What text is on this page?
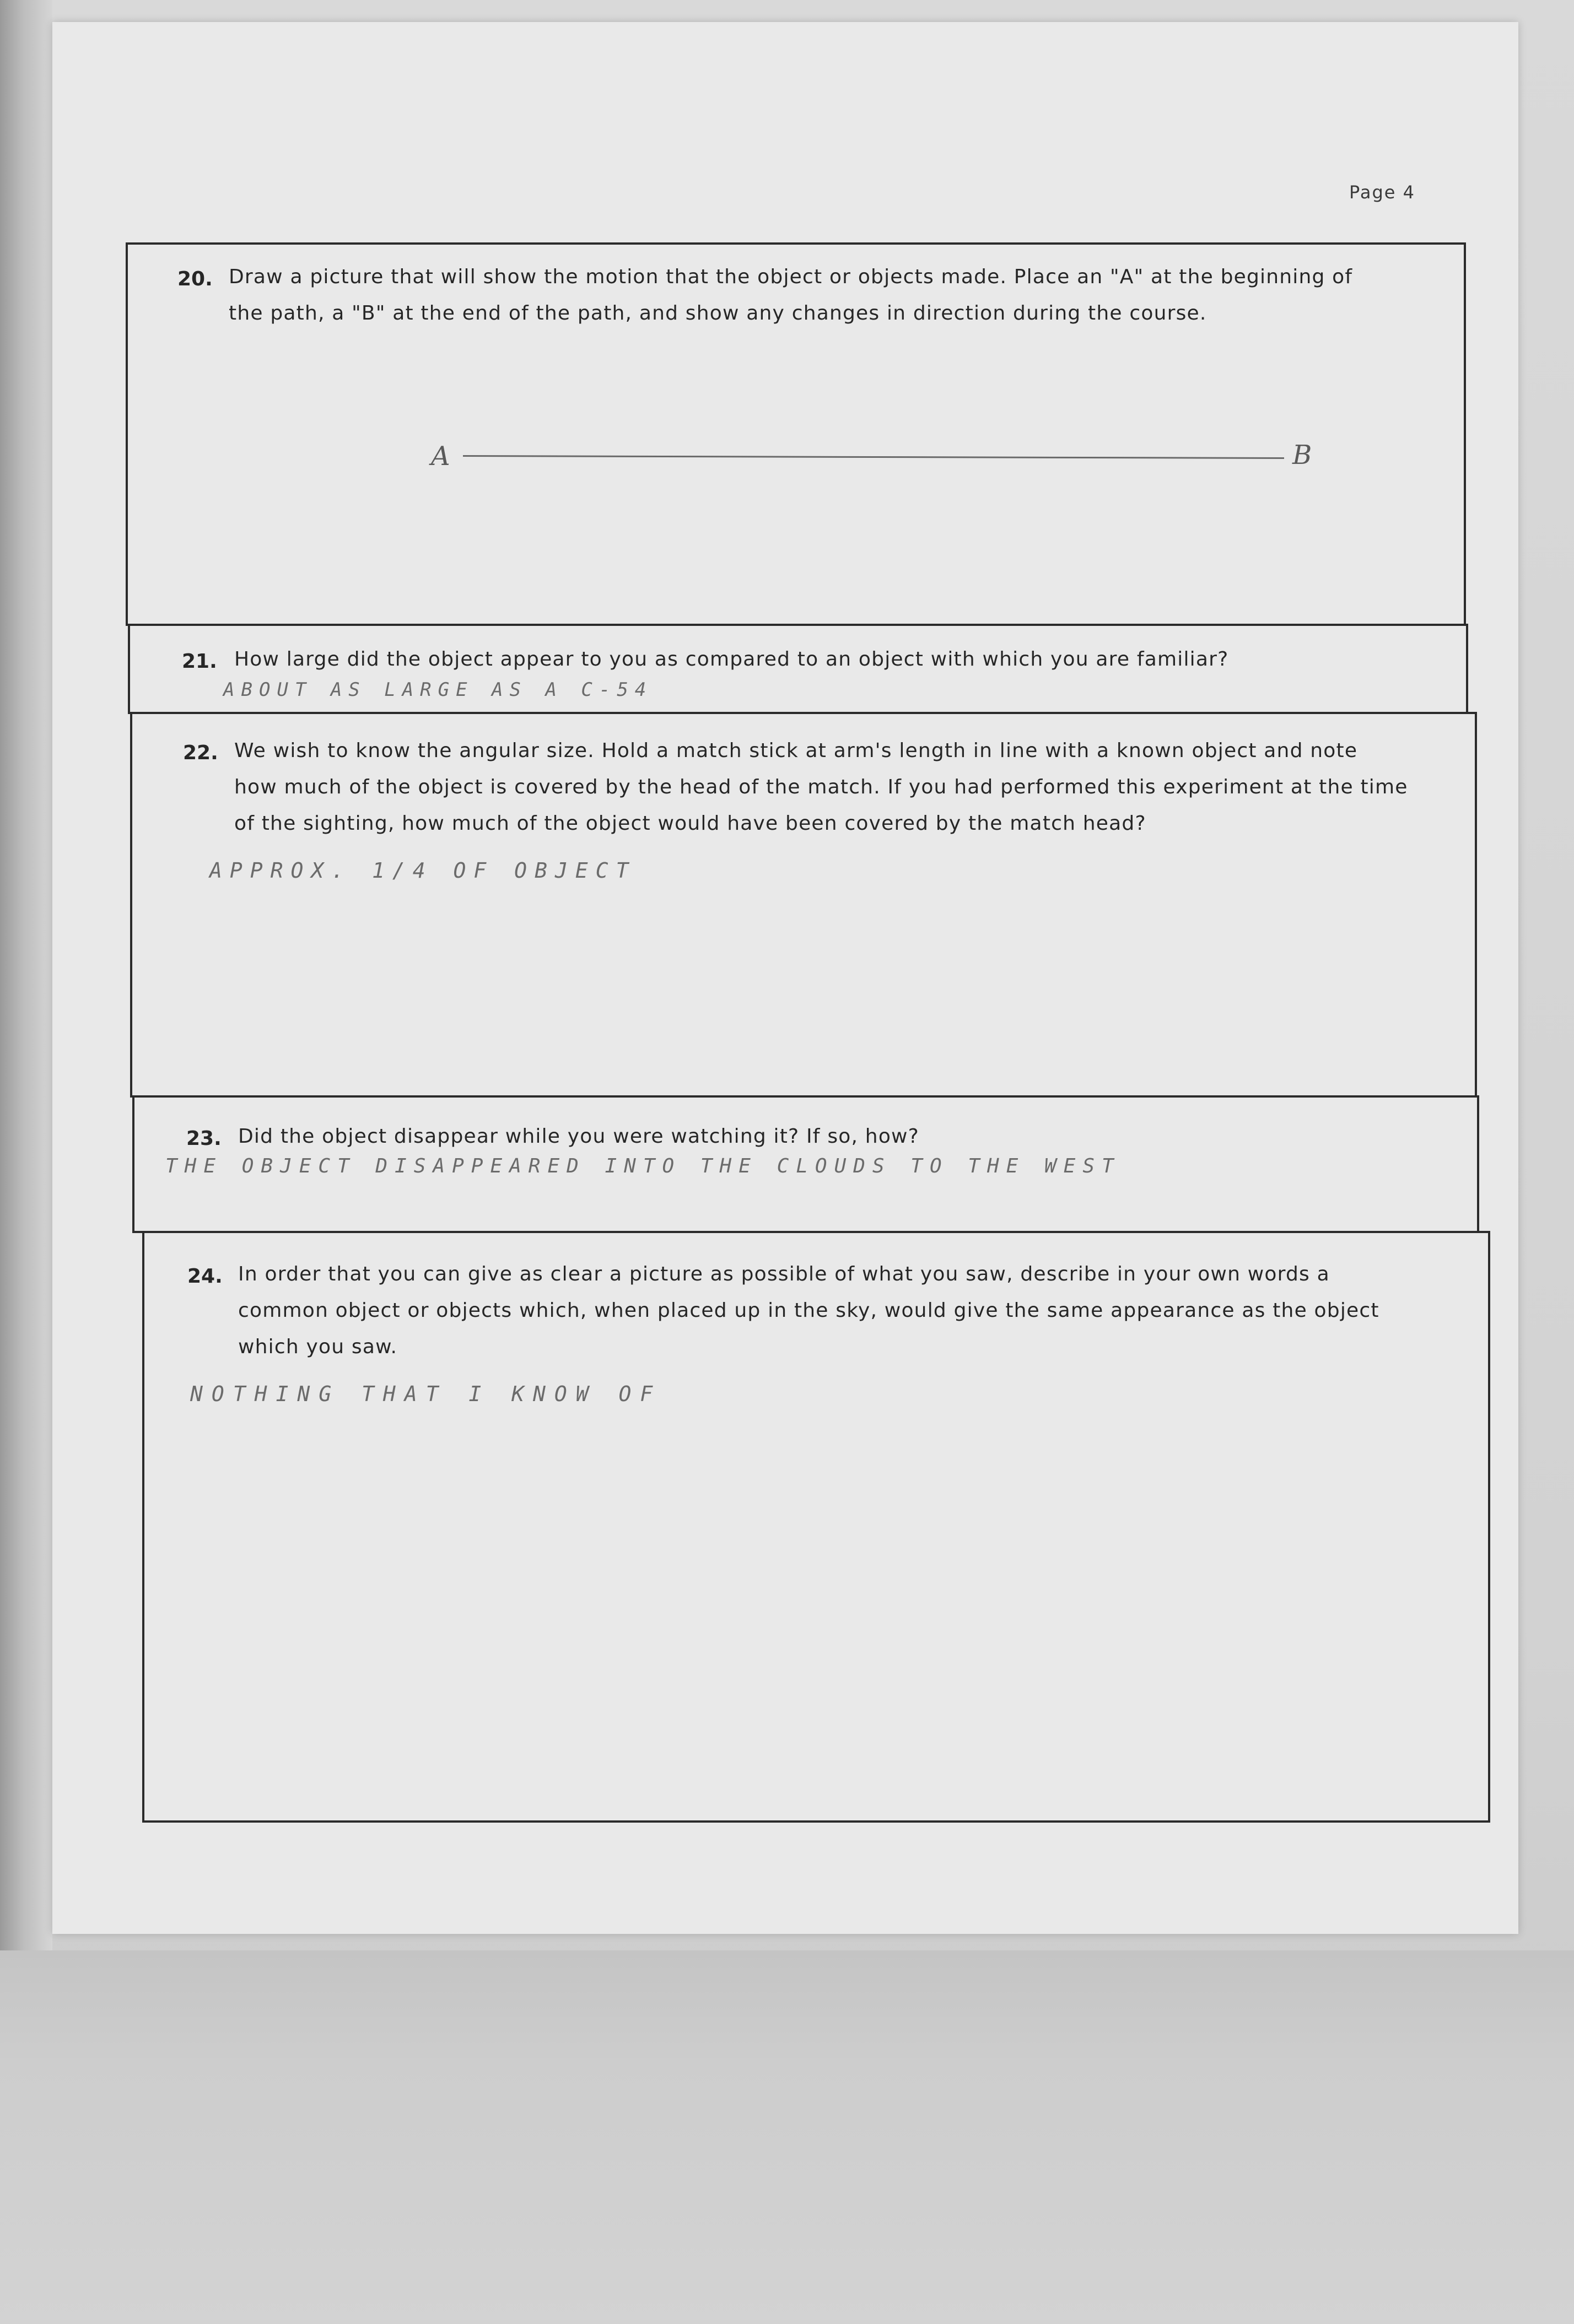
Page 4
20. Draw a picture that will show the motion that the object or objects made. Place an "A" at the beginning of

the path, a "B" at the end of the path, and show any changes in direction during the course.

A	B
21. How large did the object appear to you as compared to an object with which you are familiar?

ABOUT AS LARGE AS A C-54
22. We wish to know the angular size. Hold a match stick at arm's length in line with a known object and note

how much of the object is covered by the head of the match. If you had performed this experiment at the time

of the sighting, how much of the object would have been covered by the match head?

APPROX. 1/4 OF OBJECT
23. Did the object disappear while you were watching it? If so, how?

THE OBJECT DISAPPEARED INTO THE CLOUDS TO THE WEST
24. In order that you can give as clear a picture as possible of what you saw, describe in your own words a

common object or objects which, when placed up in the sky, would give the same appearance as the object

which you saw.

NOTHING THAT I KNOW OF
